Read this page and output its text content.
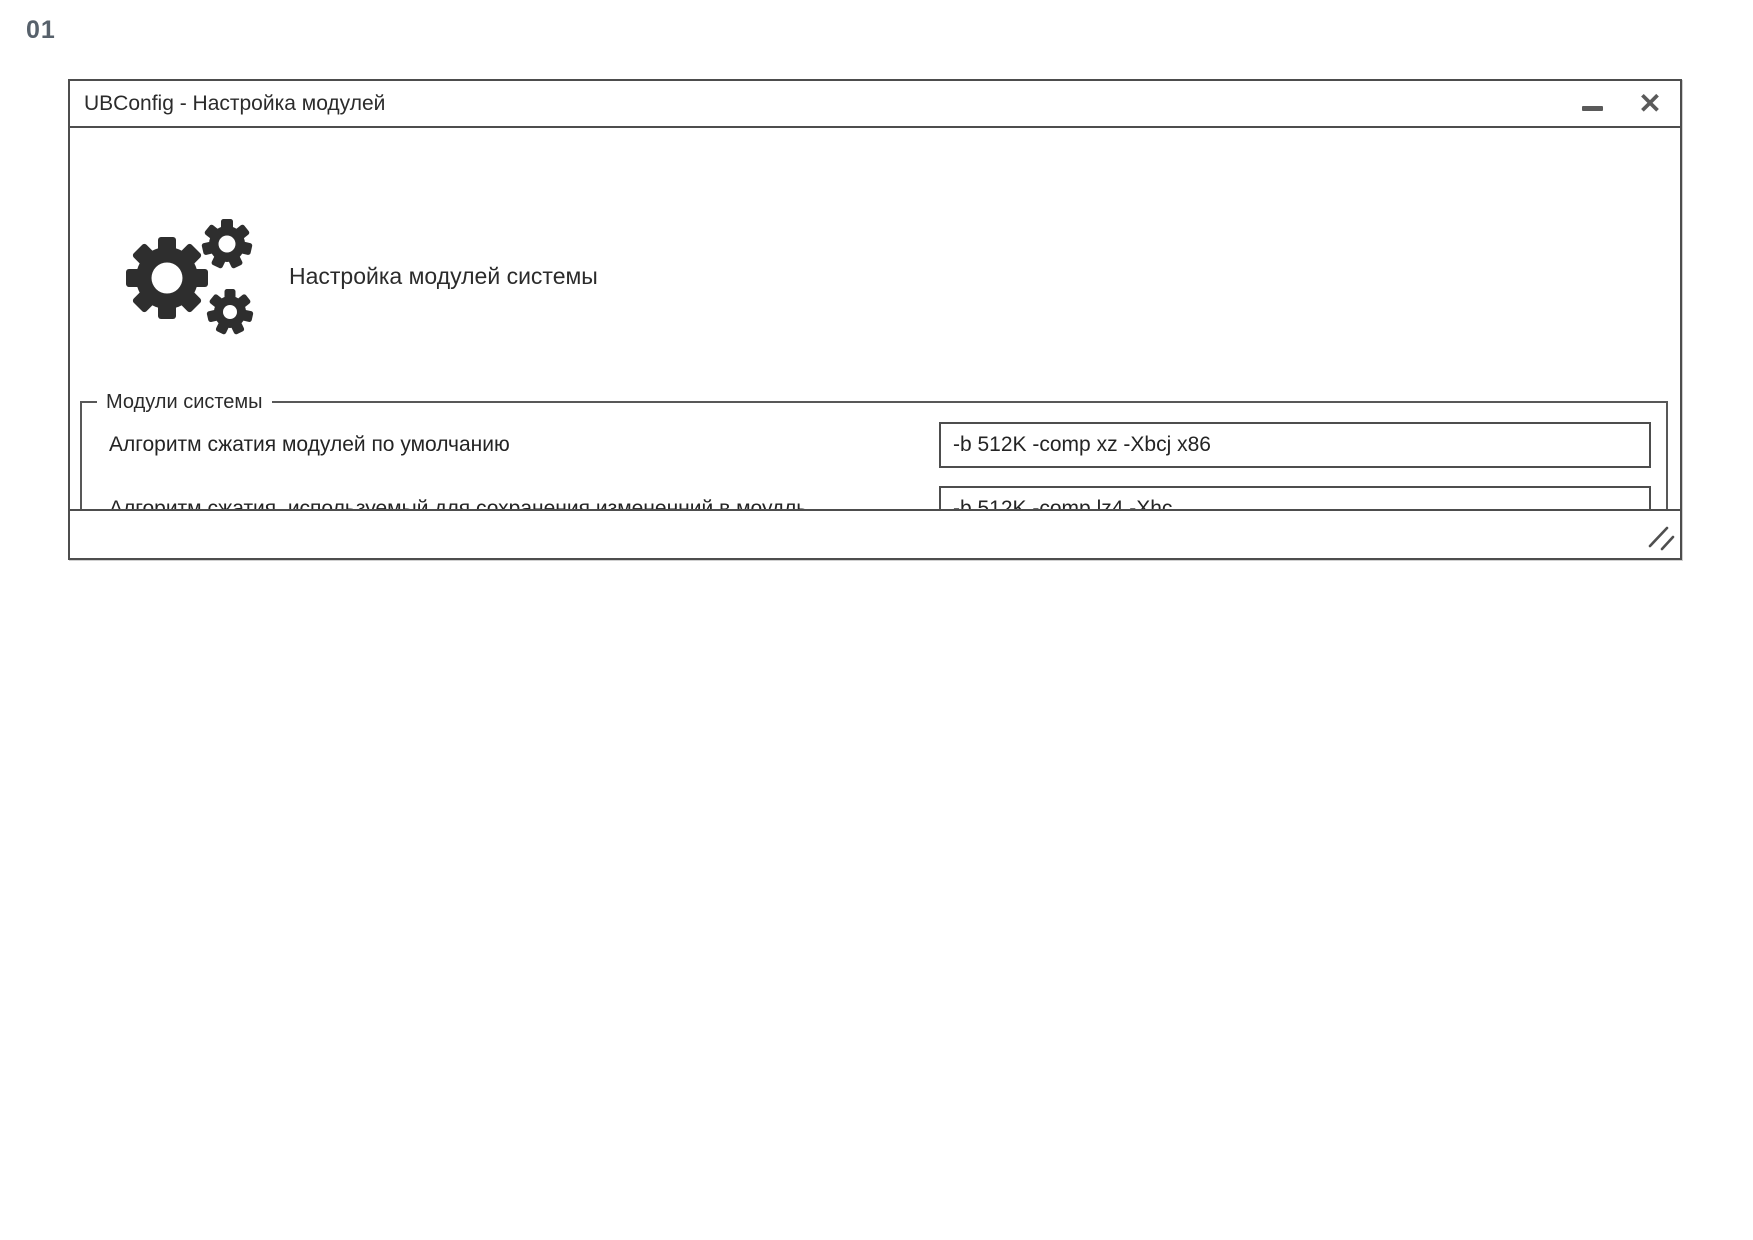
01
UBConfig - Настройка модулей	✕
Настройка модулей системы
Модули системы
Алгоритм сжатия модулей по умолчанию
-b 512K -comp xz -Xbcj x86
-b 512K -comp lz4 -Xhc
